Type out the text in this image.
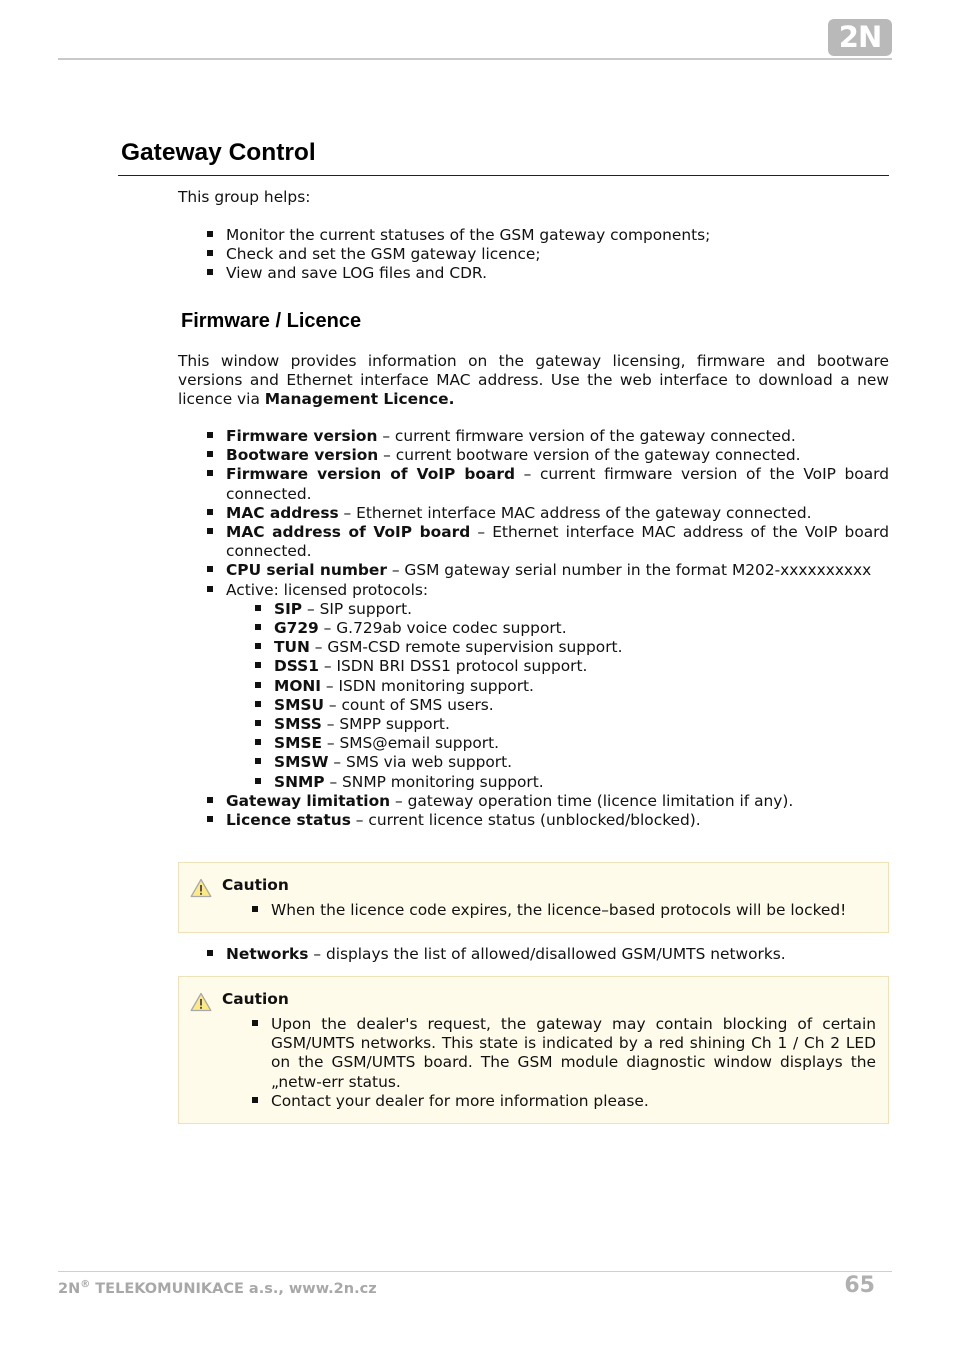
2N
Gateway Control

This group helps:

Monitor the current statuses of the GSM gateway components;
Check and set the GSM gateway licence;
View and save LOG files and CDR.
Firmware / Licence

This window provides information on the gateway licensing, firmware and bootware versions and Ethernet interface MAC address. Use the web interface to download a new licence via Management Licence.

Firmware version – current firmware version of the gateway connected.
Bootware version – current bootware version of the gateway connected.
Firmware version of VoIP board – current firmware version of the VoIP board connected.
MAC address – Ethernet interface MAC address of the gateway connected.
MAC address of VoIP board – Ethernet interface MAC address of the VoIP board connected.
CPU serial number – GSM gateway serial number in the format M202-xxxxxxxxxx
Active: licensed protocols:
SIP – SIP support.
G729 – G.729ab voice codec support.
TUN – GSM-CSD remote supervision support.
DSS1 – ISDN BRI DSS1 protocol support.
MONI – ISDN monitoring support.
SMSU – count of SMS users.
SMSS – SMPP support.
SMSE – SMS@email support.
SMSW – SMS via web support.
SNMP – SNMP monitoring support.
Gateway limitation – gateway operation time (licence limitation if any).
Licence status – current licence status (unblocked/blocked).
Caution
When the licence code expires, the licence–based protocols will be locked!
Networks – displays the list of allowed/disallowed GSM/UMTS networks.
Caution
Upon the dealer's request, the gateway may contain blocking of certain GSM/UMTS networks. This state is indicated by a red shining Ch 1 / Ch 2 LED on the GSM/UMTS board. The GSM module diagnostic window displays the „netw-err status.
Contact your dealer for more information please.
2N® TELEKOMUNIKACE a.s., www.2n.cz	65
